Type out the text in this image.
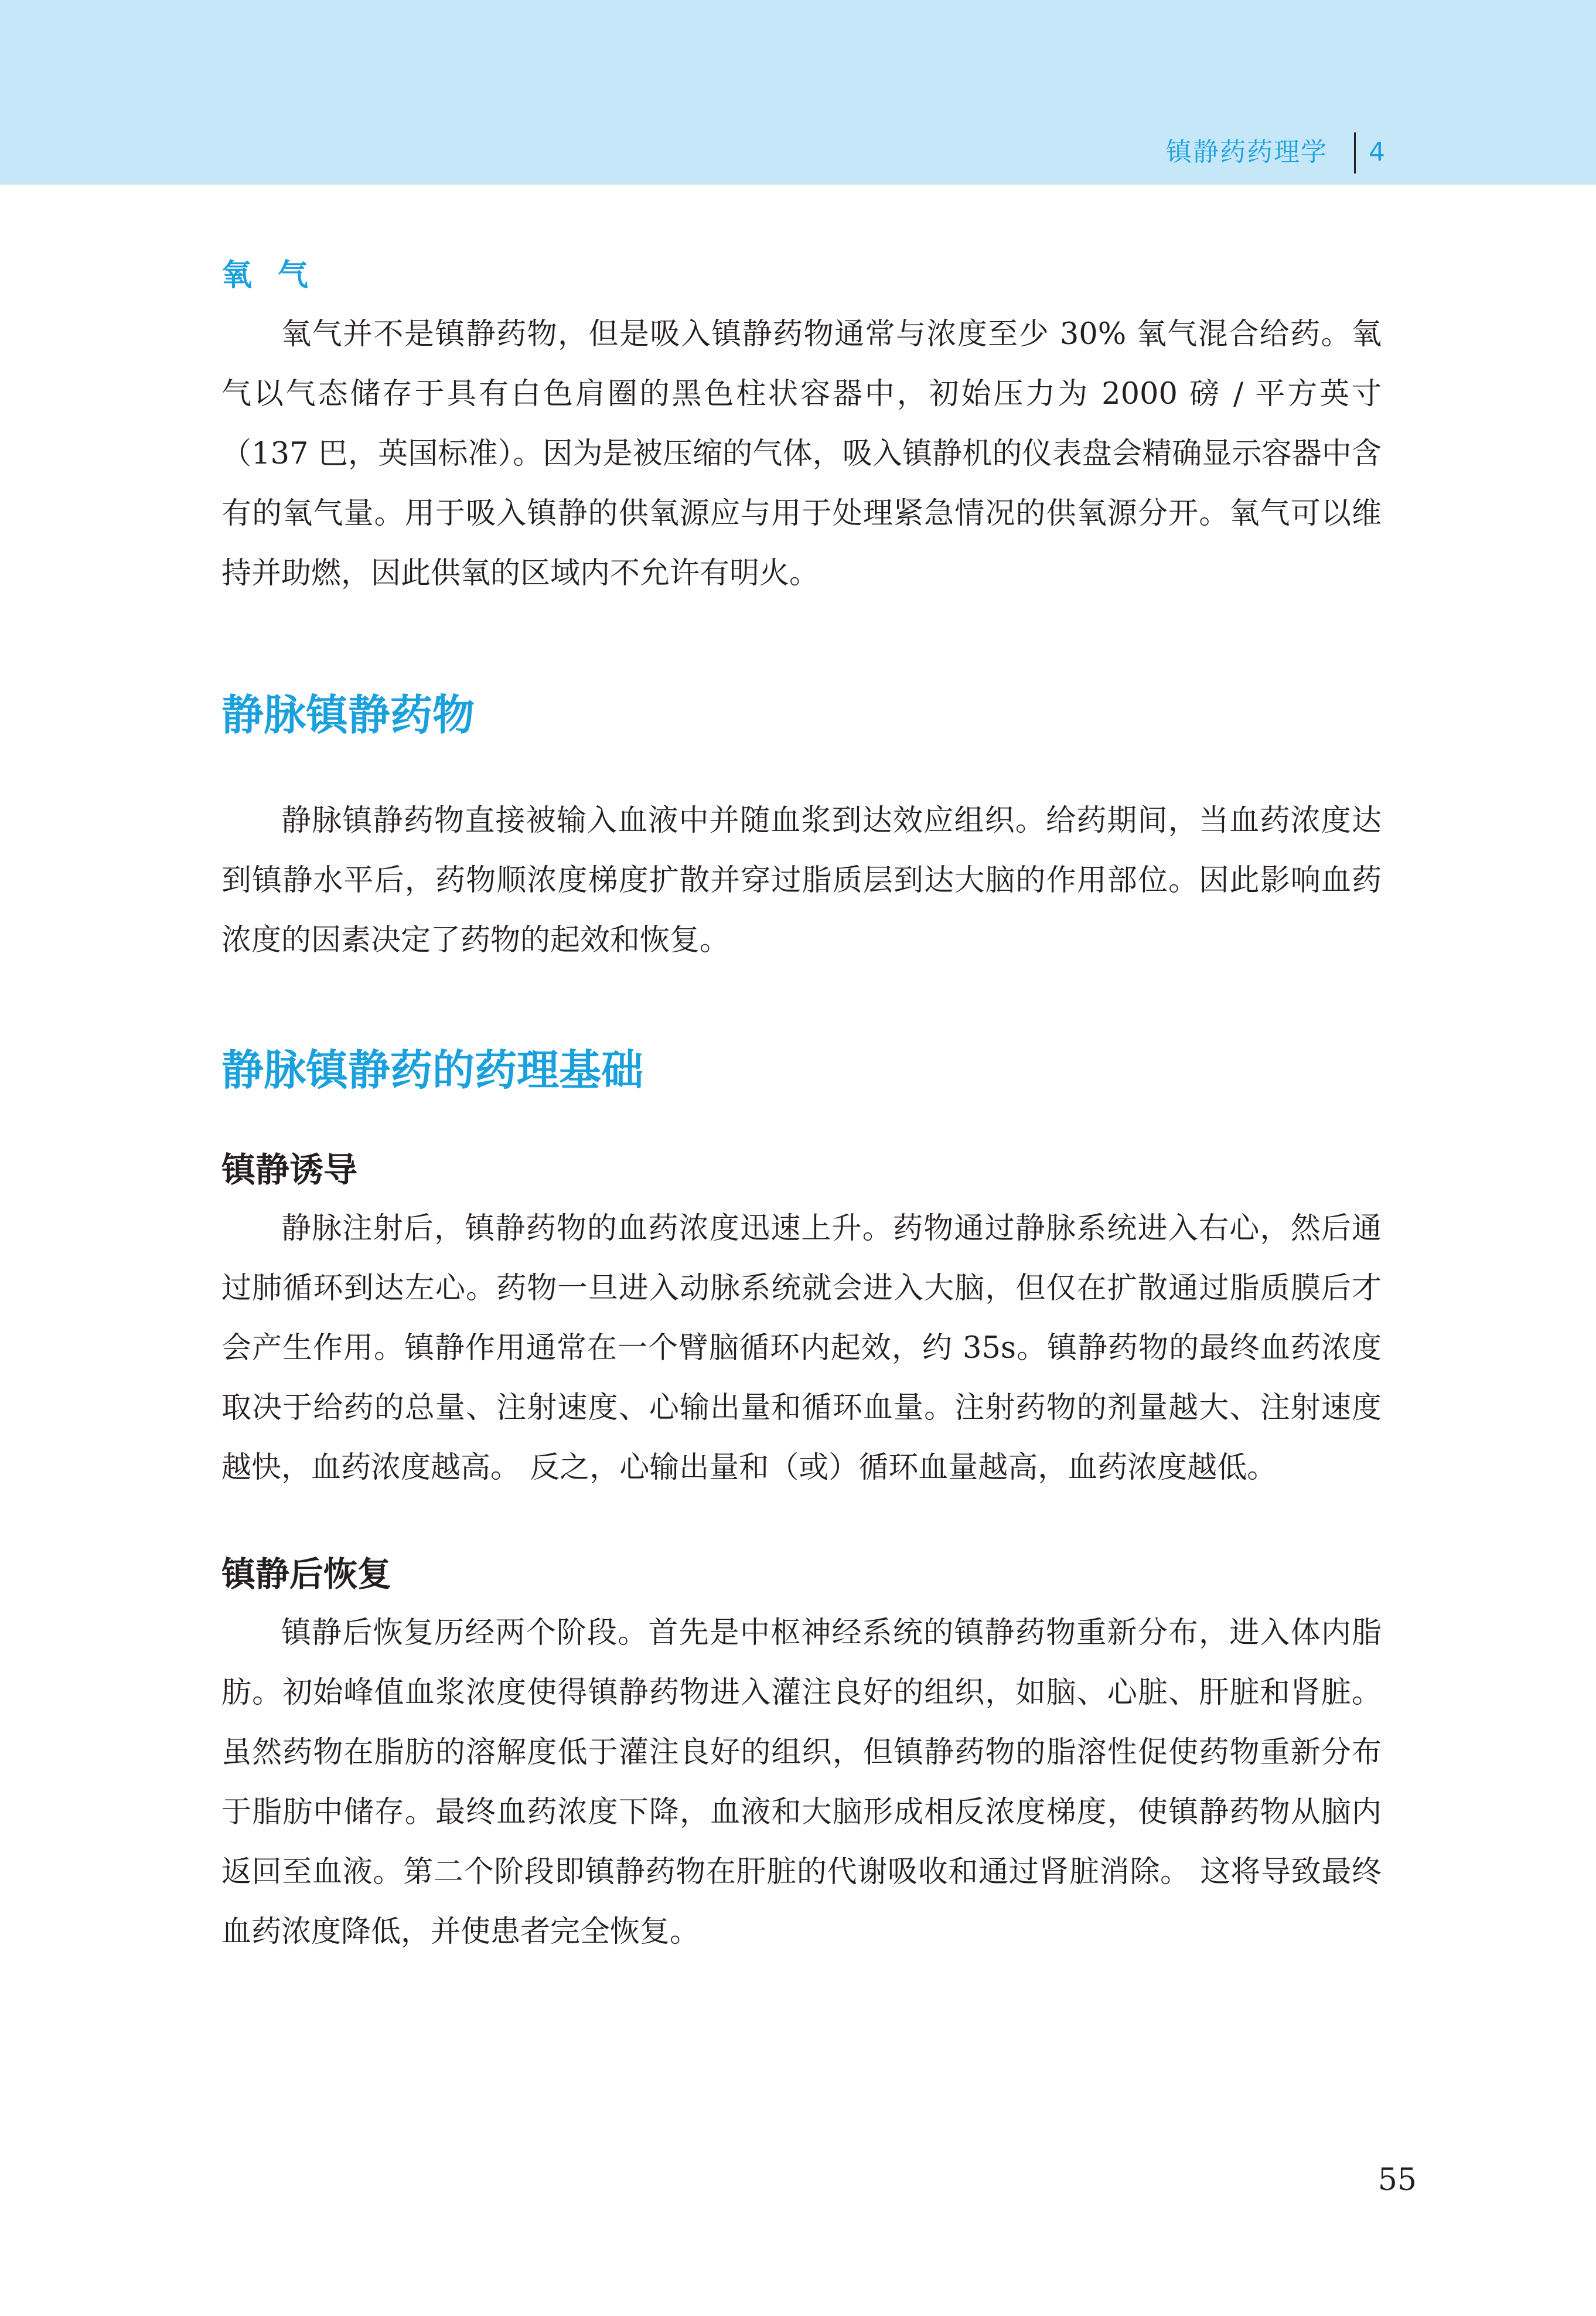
镇静药药理学 4
氧气

氧气并不是镇静药物，但是吸入镇静药物通常与浓度至少 30% 氧气混合给药。氧气以气态储存于具有白色肩圈的黑色柱状容器中，初始压力为 2000 磅 / 平方英寸（137 巴，英国标准）。因为是被压缩的气体，吸入镇静机的仪表盘会精确显示容器中含有的氧气量。用于吸入镇静的供氧源应与用于处理紧急情况的供氧源分开。氧气可以维持并助燃，因此供氧的区域内不允许有明火。

静脉镇静药物

静脉镇静药物直接被输入血液中并随血浆到达效应组织。给药期间，当血药浓度达到镇静水平后，药物顺浓度梯度扩散并穿过脂质层到达大脑的作用部位。因此影响血药浓度的因素决定了药物的起效和恢复。

静脉镇静药的药理基础
镇静诱导

静脉注射后，镇静药物的血药浓度迅速上升。药物通过静脉系统进入右心，然后通过肺循环到达左心。药物一旦进入动脉系统就会进入大脑，但仅在扩散通过脂质膜后才会产生作用。镇静作用通常在一个臂脑循环内起效，约 35s。镇静药物的最终血药浓度取决于给药的总量、注射速度、心输出量和循环血量。注射药物的剂量越大、注射速度越快，血药浓度越高。 反之，心输出量和（或）循环血量越高，血药浓度越低。

镇静后恢复

镇静后恢复历经两个阶段。首先是中枢神经系统的镇静药物重新分布，进入体内脂肪。初始峰值血浆浓度使得镇静药物进入灌注良好的组织，如脑、心脏、肝脏和肾脏。虽然药物在脂肪的溶解度低于灌注良好的组织，但镇静药物的脂溶性促使药物重新分布于脂肪中储存。最终血药浓度下降，血液和大脑形成相反浓度梯度，使镇静药物从脑内返回至血液。第二个阶段即镇静药物在肝脏的代谢吸收和通过肾脏消除。 这将导致最终血药浓度降低，并使患者完全恢复。

55
